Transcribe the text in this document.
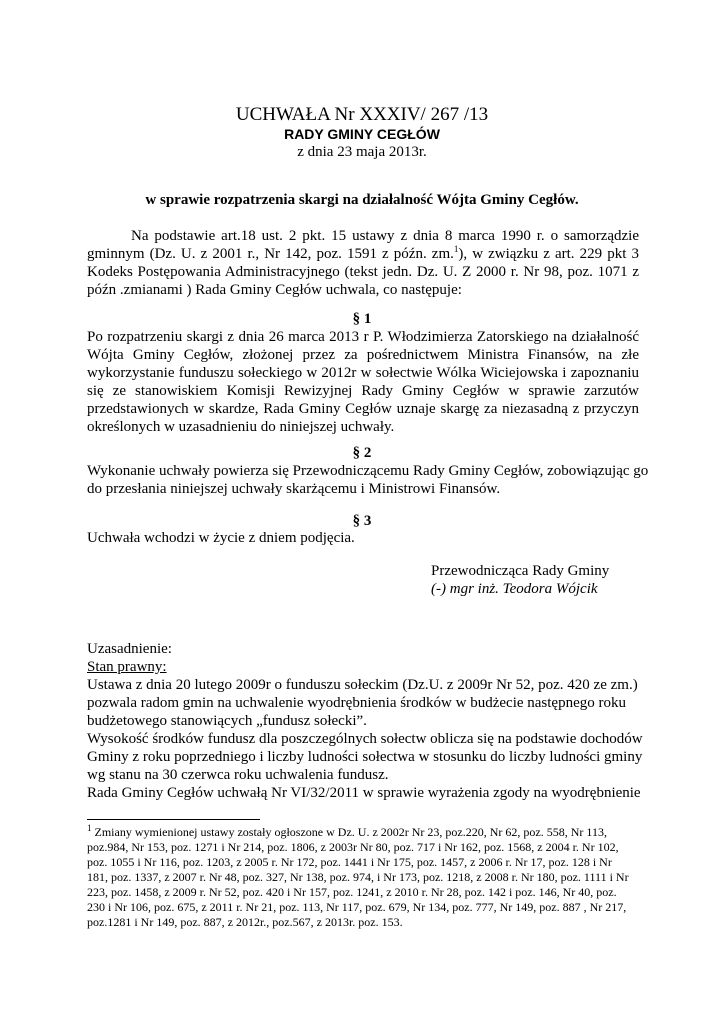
UCHWAŁA Nr XXXIV/ 267 /13
RADY GMINY CEGŁÓW
z dnia 23 maja 2013r.
w sprawie rozpatrzenia skargi na działalność Wójta Gminy Cegłów.
Na podstawie art.18 ust. 2 pkt. 15 ustawy z dnia 8 marca 1990 r. o samorządzie
gminnym (Dz. U. z 2001 r., Nr 142, poz. 1591 z późn. zm.$^1$), w związku z art. 229 pkt 3
Kodeks Postępowania Administracyjnego (tekst jedn. Dz. U. Z 2000 r. Nr 98, poz. 1071 z
późn .zmianami ) Rada Gminy Cegłów uchwala, co następuje:
§ 1
Po rozpatrzeniu skargi z dnia 26 marca 2013 r P. Włodzimierza Zatorskiego na działalność
Wójta Gminy Cegłów, złożonej przez za pośrednictwem Ministra Finansów, na złe
wykorzystanie funduszu sołeckiego w 2012r w sołectwie Wólka Wiciejowska i zapoznaniu
się ze stanowiskiem Komisji Rewizyjnej Rady Gminy Cegłów w sprawie zarzutów
przedstawionych w skardze, Rada Gminy Cegłów uznaje skargę za niezasadną z przyczyn
określonych w uzasadnieniu do niniejszej uchwały.
§ 2
Wykonanie uchwały powierza się Przewodniczącemu Rady Gminy Cegłów, zobowiązując go
do przesłania niniejszej uchwały skarżącemu i Ministrowi Finansów.
§ 3
Uchwała wchodzi w życie z dniem podjęcia.
Przewodnicząca Rady Gminy
(-) mgr inż. Teodora Wójcik
Uzasadnienie:
Stan prawny:
Ustawa z dnia 20 lutego 2009r o funduszu sołeckim (Dz.U. z 2009r Nr 52, poz. 420 ze zm.)
pozwala radom gmin na uchwalenie wyodrębnienia środków w budżecie następnego roku
budżetowego stanowiących „fundusz sołecki”.
Wysokość środków fundusz dla poszczególnych sołectw oblicza się na podstawie dochodów
Gminy z roku poprzedniego i liczby ludności sołectwa w stosunku do liczby ludności gminy
wg stanu na 30 czerwca roku uchwalenia fundusz.
Rada Gminy Cegłów uchwałą Nr VI/32/2011 w sprawie wyrażenia zgody na wyodrębnienie
$^1$ Zmiany wymienionej ustawy zostały ogłoszone w Dz. U. z 2002r Nr 23, poz.220, Nr 62, poz. 558, Nr 113,
poz.984, Nr 153, poz. 1271 i Nr 214, poz. 1806, z 2003r Nr 80, poz. 717 i Nr 162, poz. 1568, z 2004 r. Nr 102,
poz. 1055 i Nr 116, poz. 1203, z 2005 r. Nr 172, poz. 1441 i Nr 175, poz. 1457, z 2006 r. Nr 17, poz. 128 i Nr
181, poz. 1337, z 2007 r. Nr 48, poz. 327, Nr 138, poz. 974, i Nr 173, poz. 1218, z 2008 r. Nr 180, poz. 1111 i Nr
223, poz. 1458, z 2009 r. Nr 52, poz. 420 i Nr 157, poz. 1241, z 2010 r. Nr 28, poz. 142 i poz. 146, Nr 40, poz.
230 i Nr 106, poz. 675, z 2011 r. Nr 21, poz. 113, Nr 117, poz. 679, Nr 134, poz. 777, Nr 149, poz. 887 , Nr 217,
poz.1281 i Nr 149, poz. 887, z 2012r., poz.567, z 2013r. poz. 153.
